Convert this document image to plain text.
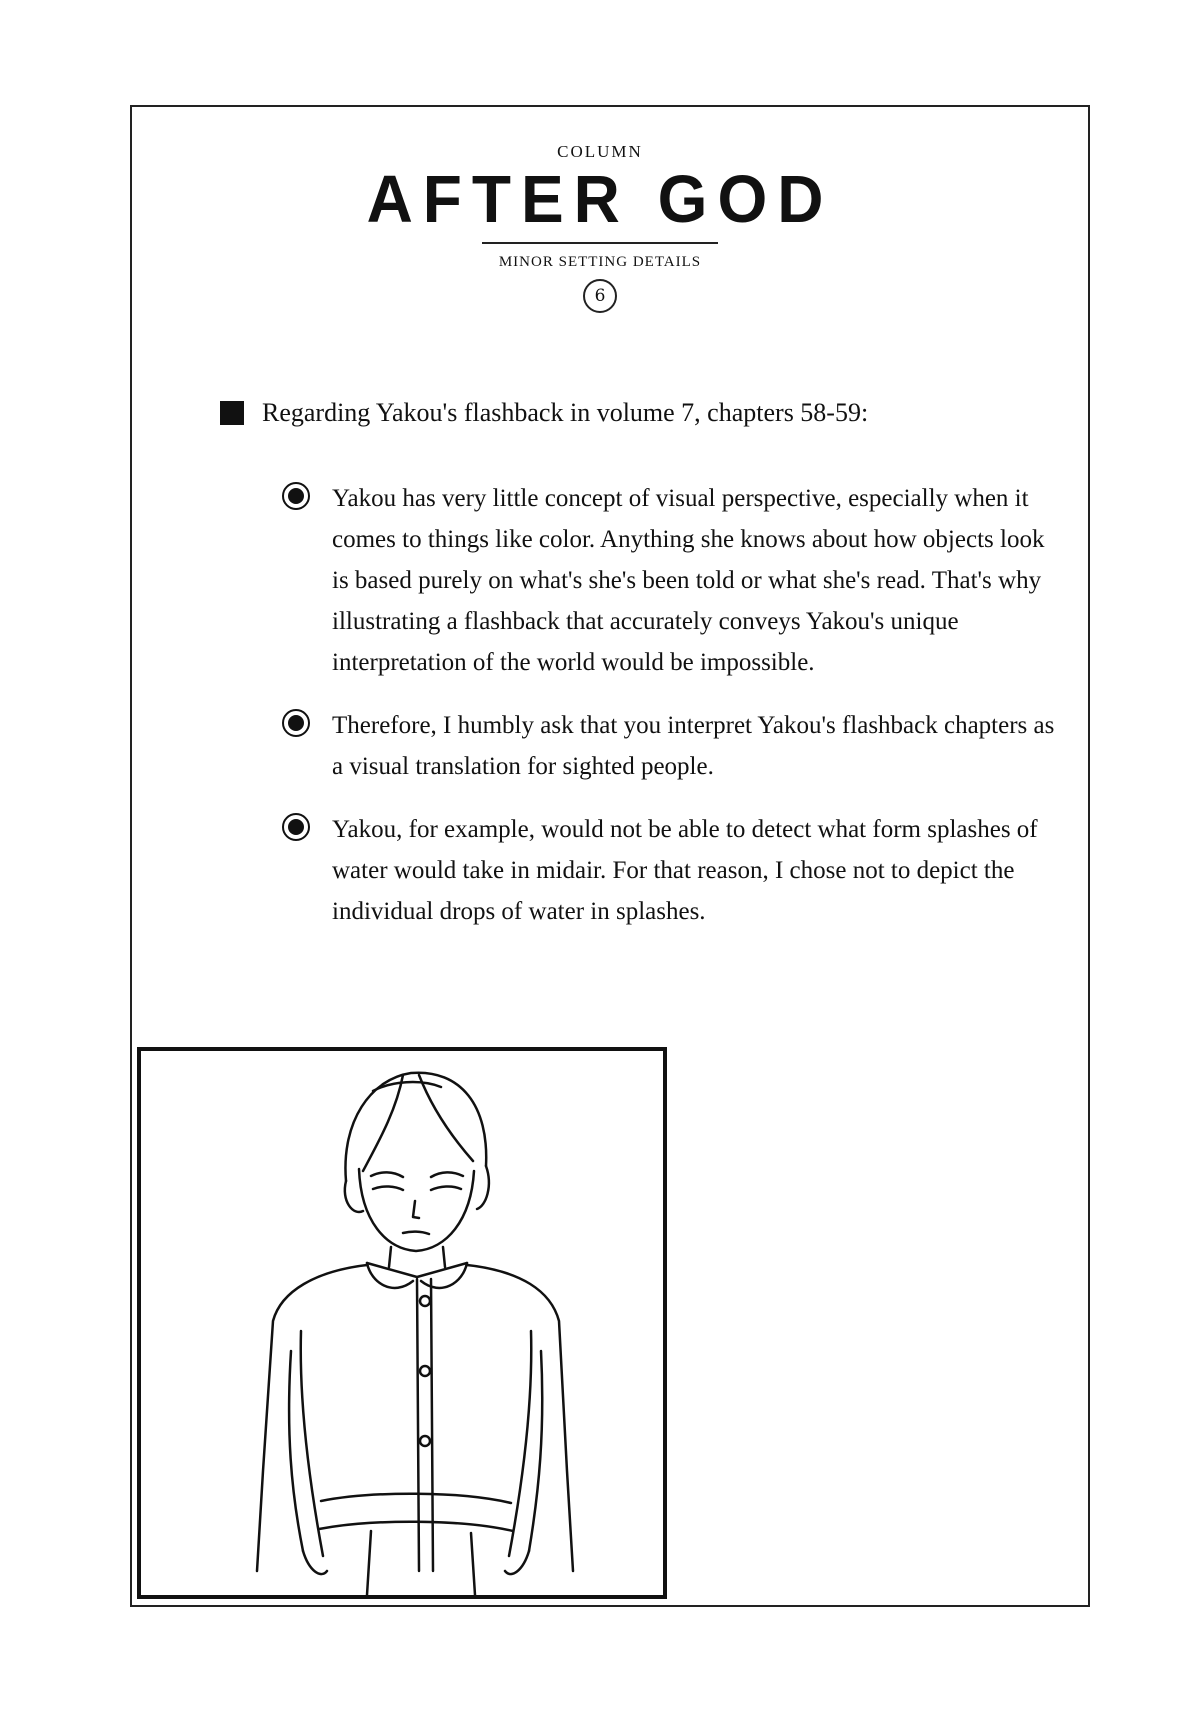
COLUMN
AFTER GOD
MINOR SETTING DETAILS
6
Regarding Yakou's flashback in volume 7, chapters 58-59:
Yakou has very little concept of visual perspective, especially when it comes to things like color. Anything she knows about how objects look is based purely on what's she's been told or what she's read. That's why illustrating a flashback that accurately conveys Yakou's unique interpretation of the world would be impossible.
Therefore, I humbly ask that you interpret Yakou's flashback chapters as a visual translation for sighted people.
Yakou, for example, would not be able to detect what form splashes of water would take in midair. For that reason, I chose not to depict the individual drops of water in splashes.
